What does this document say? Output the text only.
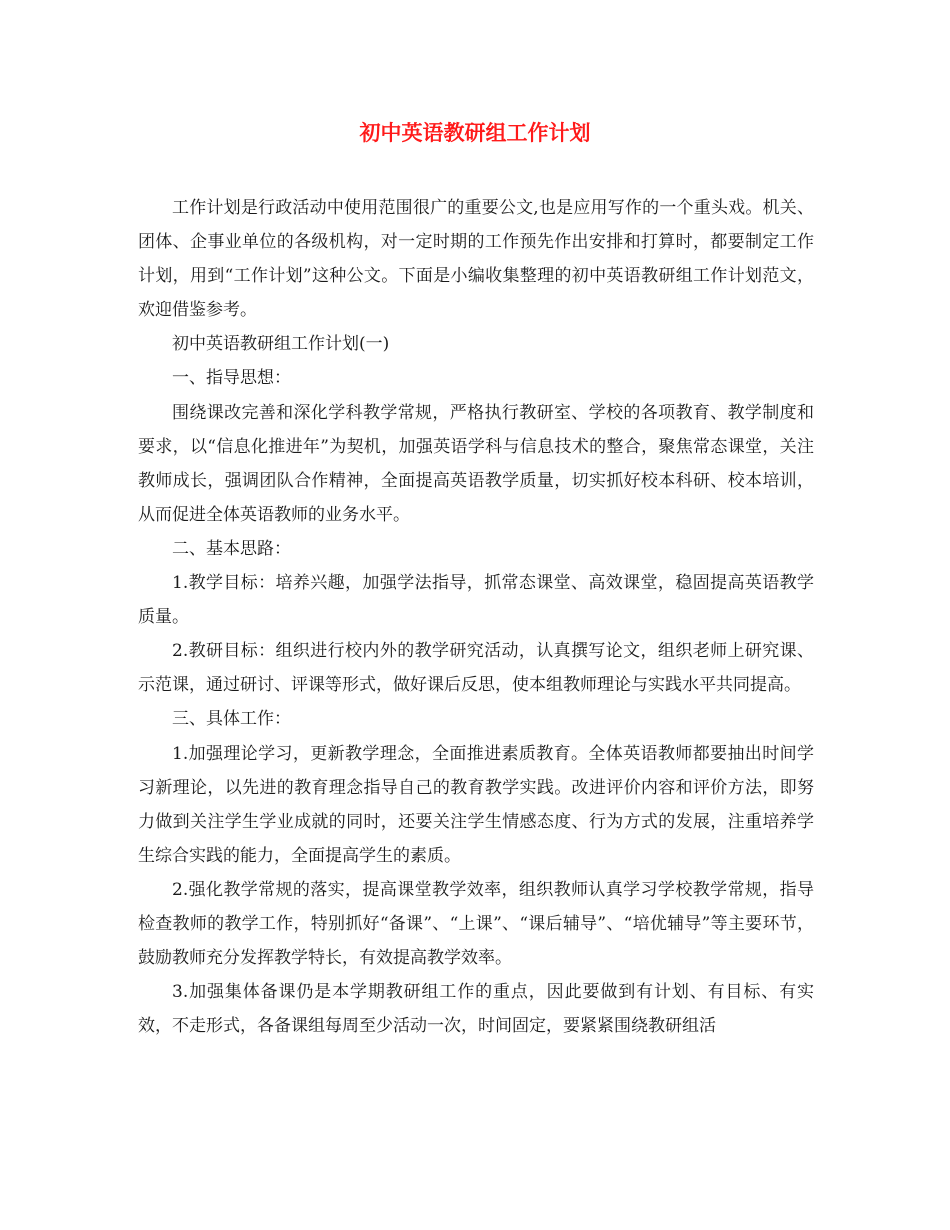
初中英语教研组工作计划

工作计划是行政活动中使用范围很广的重要公文,也是应用写作的一个重头戏。机关、团体、企事业单位的各级机构，对一定时期的工作预先作出安排和打算时，都要制定工作计划，用到“工作计划”这种公文。下面是小编收集整理的初中英语教研组工作计划范文，欢迎借鉴参考。

初中英语教研组工作计划(一)

一、指导思想：

围绕课改完善和深化学科教学常规，严格执行教研室、学校的各项教育、教学制度和要求，以“信息化推进年”为契机，加强英语学科与信息技术的整合，聚焦常态课堂，关注教师成长，强调团队合作精神，全面提高英语教学质量，切实抓好校本科研、校本培训，从而促进全体英语教师的业务水平。

二、基本思路：

1.教学目标：培养兴趣，加强学法指导，抓常态课堂、高效课堂，稳固提高英语教学质量。

2.教研目标：组织进行校内外的教学研究活动，认真撰写论文，组织老师上研究课、示范课，通过研讨、评课等形式，做好课后反思，使本组教师理论与实践水平共同提高。

三、具体工作：

1.加强理论学习，更新教学理念，全面推进素质教育。全体英语教师都要抽出时间学习新理论，以先进的教育理念指导自己的教育教学实践。改进评价内容和评价方法，即努力做到关注学生学业成就的同时，还要关注学生情感态度、行为方式的发展，注重培养学生综合实践的能力，全面提高学生的素质。

2.强化教学常规的落实，提高课堂教学效率，组织教师认真学习学校教学常规，指导检查教师的教学工作，特别抓好“备课”、“上课”、“课后辅导”、“培优辅导”等主要环节，鼓励教师充分发挥教学特长，有效提高教学效率。

3.加强集体备课仍是本学期教研组工作的重点，因此要做到有计划、有目标、有实效，不走形式，各备课组每周至少活动一次，时间固定，要紧紧围绕教研组活
